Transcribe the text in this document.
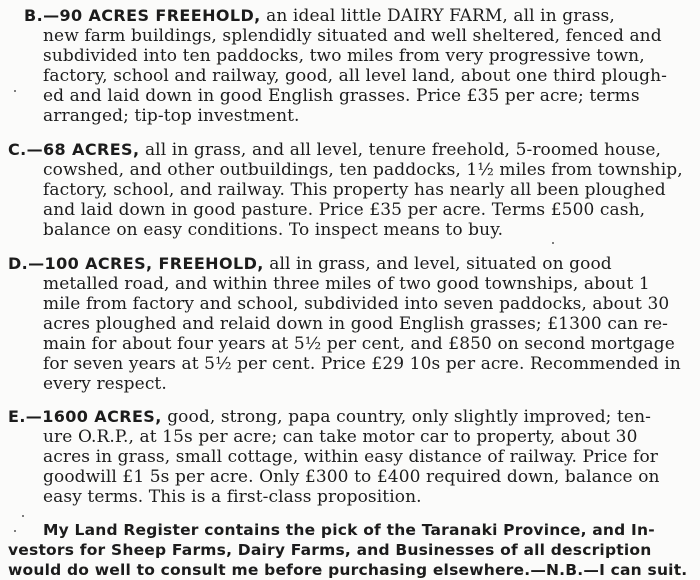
B.—90 ACRES FREEHOLD, an ideal little DAIRY FARM, all in grass,
new farm buildings, splendidly situated and well sheltered, fenced and
subdivided into ten paddocks, two miles from very progressive town,
factory, school and railway, good, all level land, about one third plough-
ed and laid down in good English grasses. Price £35 per acre; terms
arranged; tip-top investment.
C.—68 ACRES, all in grass, and all level, tenure freehold, 5-roomed house,
cowshed, and other outbuildings, ten paddocks, 1½ miles from township,
factory, school, and railway. This property has nearly all been ploughed
and laid down in good pasture. Price £35 per acre. Terms £500 cash,
balance on easy conditions. To inspect means to buy.
D.—100 ACRES, FREEHOLD, all in grass, and level, situated on good
metalled road, and within three miles of two good townships, about 1
mile from factory and school, subdivided into seven paddocks, about 30
acres ploughed and relaid down in good English grasses; £1300 can re-
main for about four years at 5½ per cent, and £850 on second mortgage
for seven years at 5½ per cent. Price £29 10s per acre. Recommended in
every respect.
E.—1600 ACRES, good, strong, papa country, only slightly improved; ten-
ure O.R.P., at 15s per acre; can take motor car to property, about 30
acres in grass, small cottage, within easy distance of railway. Price for
goodwill £1 5s per acre. Only £300 to £400 required down, balance on
easy terms. This is a first-class proposition.
My Land Register contains the pick of the Taranaki Province, and In-
vestors for Sheep Farms, Dairy Farms, and Businesses of all description
would do well to consult me before purchasing elsewhere.—N.B.—I can suit.
